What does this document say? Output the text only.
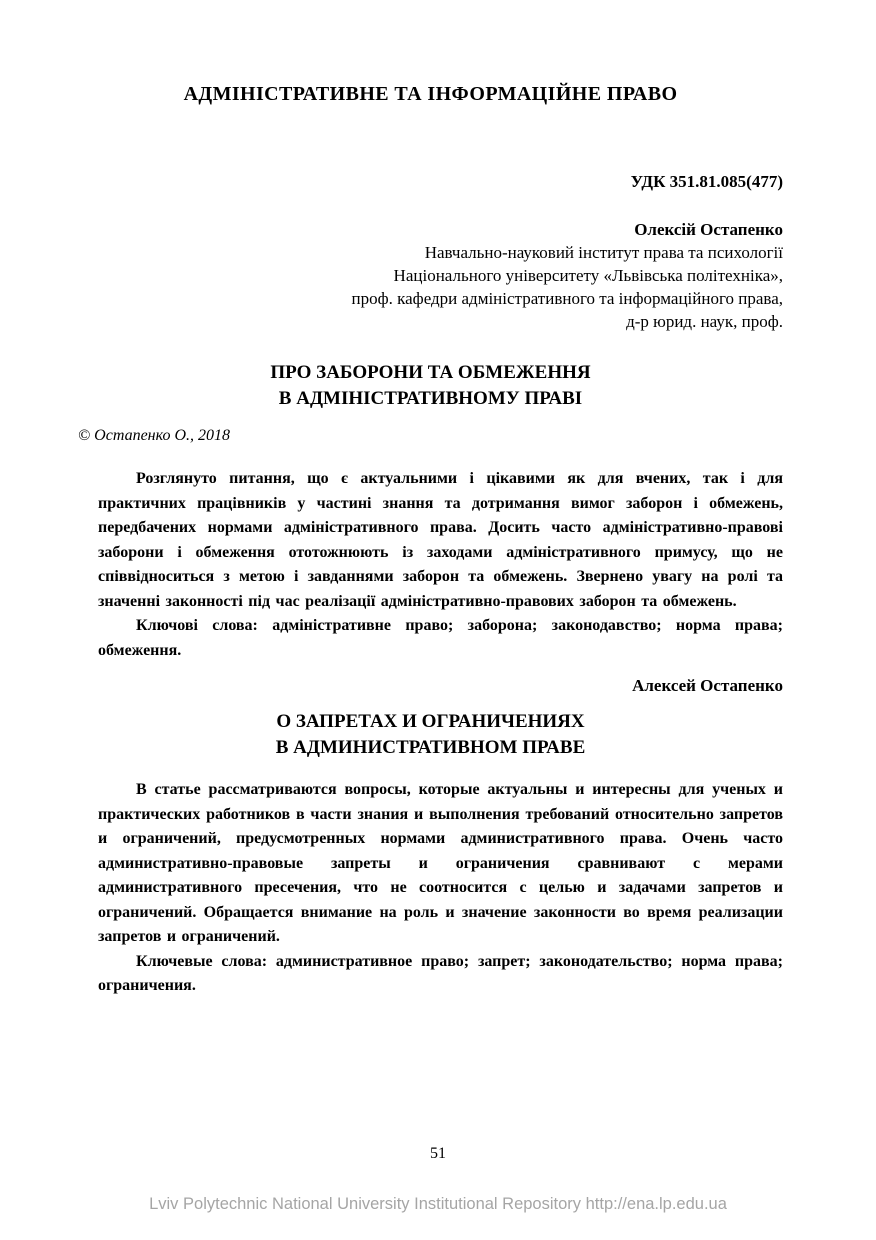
АДМІНІСТРАТИВНЕ ТА ІНФОРМАЦІЙНЕ ПРАВО
УДК 351.81.085(477)
Олексій Остапенко
Навчально-науковий інститут права та психології
Національного університету «Львівська політехніка»,
проф. кафедри адміністративного та інформаційного права,
д-р юрид. наук, проф.
ПРО ЗАБОРОНИ ТА ОБМЕЖЕННЯ
В АДМІНІСТРАТИВНОМУ ПРАВІ
© Остапенко О., 2018

Розглянуто питання, що є актуальними і цікавими як для вчених, так і для практичних працівників у частині знання та дотримання вимог заборон і обмежень, передбачених нормами адміністративного права. Досить часто адміністративно-правові заборони і обмеження ототожнюють із заходами адміністративного примусу, що не співвідноситься з метою і завданнями заборон та обмежень. Звернено увагу на ролі та значенні законності під час реалізації адміністративно-правових заборон та обмежень.

Ключові слова: адміністративне право; заборона; законодавство; норма права; обмеження.

Алексей Остапенко
О ЗАПРЕТАХ И ОГРАНИЧЕНИЯХ
В АДМИНИСТРАТИВНОМ ПРАВЕ

В статье рассматриваются вопросы, которые актуальны и интересны для ученых и практических работников в части знания и выполнения требований относительно запретов и ограничений, предусмотренных нормами административного права. Очень часто административно-правовые запреты и ограничения сравнивают с мерами административного пресечения, что не соотносится с целью и задачами запретов и ограничений. Обращается внимание на роль и значение законности во время реализации запретов и ограничений.

Ключевые слова: административное право; запрет; законодательство; норма права; ограничения.

51
Lviv Polytechnic National University Institutional Repository http://ena.lp.edu.ua
